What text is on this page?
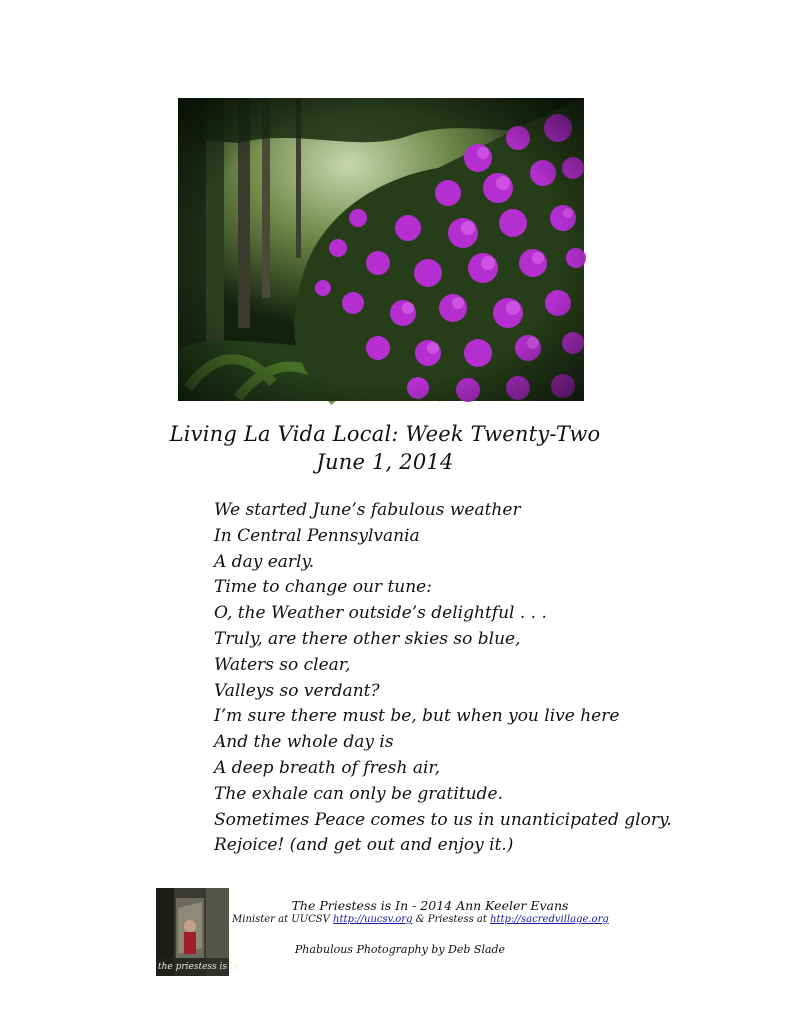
Living La Vida Local: Week Twenty-Two
June 1, 2014
We started June’s fabulous weather
In Central Pennsylvania
A day early.
Time to change our tune:
O, the Weather outside’s delightful . . .
Truly, are there other skies so blue,
Waters so clear,
Valleys so verdant?
I’m sure there must be, but when you live here
And the whole day is
A deep breath of fresh air,
The exhale can only be gratitude.
Sometimes Peace comes to us in unanticipated glory.
Rejoice! (and get out and enjoy it.)
the priestess is in
The Priestess is In - 2014 Ann Keeler Evans
Minister at UUCSV http://uucsv.org & Priestess at http://sacredvillage.org
Phabulous Photography by Deb Slade
